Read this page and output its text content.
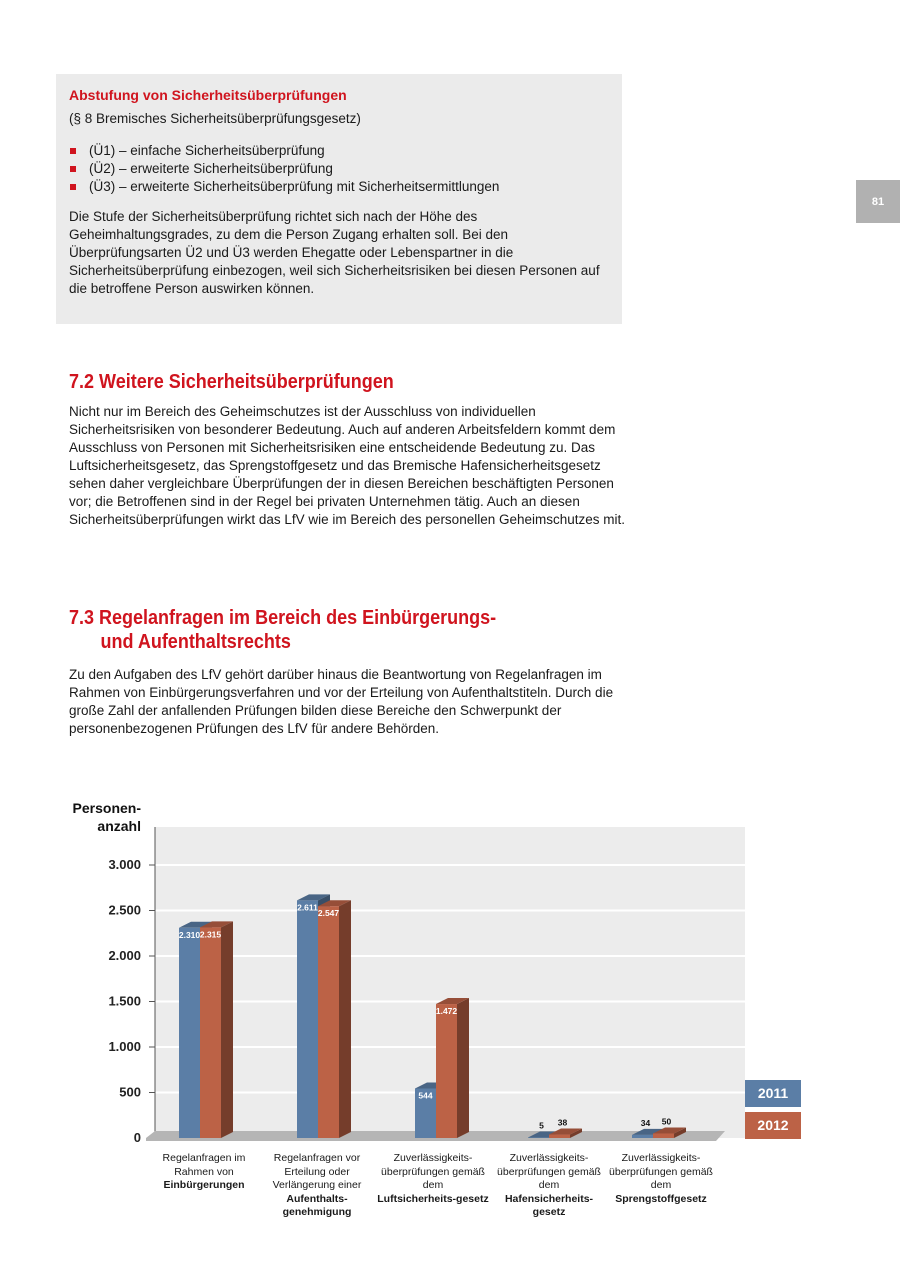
81

Abstufung von Sicherheitsüberprüfungen

(§ 8 Bremisches Sicherheitsüberprüfungsgesetz)

(Ü1) – einfache Sicherheitsüberprüfung
(Ü2) – erweiterte Sicherheitsüberprüfung
(Ü3) – erweiterte Sicherheitsüberprüfung mit Sicherheitsermittlungen

Die Stufe der Sicherheitsüberprüfung richtet sich nach der Höhe des Geheimhaltungsgrades, zu dem die Person Zugang erhalten soll. Bei den Überprüfungsarten Ü2 und Ü3 werden Ehegatte oder Lebenspartner in die Sicherheitsüberprüfung einbezogen, weil sich Sicherheitsrisiken bei diesen Personen auf die betroffene Person auswirken können.

7.2 Weitere Sicherheitsüberprüfungen

Nicht nur im Bereich des Geheimschutzes ist der Ausschluss von individuellen Sicherheitsrisiken von besonderer Bedeutung. Auch auf anderen Arbeitsfeldern kommt dem Ausschluss von Personen mit Sicherheitsrisiken eine entscheidende Bedeutung zu. Das Luftsicherheitsgesetz, das Sprengstoffgesetz und das Bremische Hafensicherheitsgesetz sehen daher vergleichbare Überprüfungen der in diesen Bereichen beschäftigten Personen vor; die Betroffenen sind in der Regel bei privaten Unternehmen tätig. Auch an diesen Sicherheitsüberprüfungen wirkt das LfV wie im Bereich des personellen Geheimschutzes mit.

7.3 Regelanfragen im Bereich des Einbürgerungs-
und Aufenthaltsrechts

Zu den Aufgaben des LfV gehört darüber hinaus die Beantwortung von Regelanfragen im Rahmen von Einbürgerungsverfahren und vor der Erteilung von Aufenthaltstiteln. Durch die große Zahl der anfallenden Prüfungen bilden diese Bereiche den Schwerpunkt der personenbezogenen Prüfungen des LfV für andere Behörden.

0
500
1.000
1.500
2.000
2.500
3.000
Personen-
anzahl
2.310
2.611
544
5	34
2.315
2.547
1.472
38	50
2011
2012
Regelanfragen im Rahmen von
Einbürgerungen
Regelanfragen vor Erteilung oder Verlängerung einer
Aufenthalts-genehmigung
Zuverlässigkeits-überprüfungen gemäß dem
Luftsicherheits-gesetz
Zuverlässigkeits-überprüfungen gemäß dem
Hafensicherheits-gesetz
Zuverlässigkeits-überprüfungen gemäß dem
Sprengstoffgesetz
